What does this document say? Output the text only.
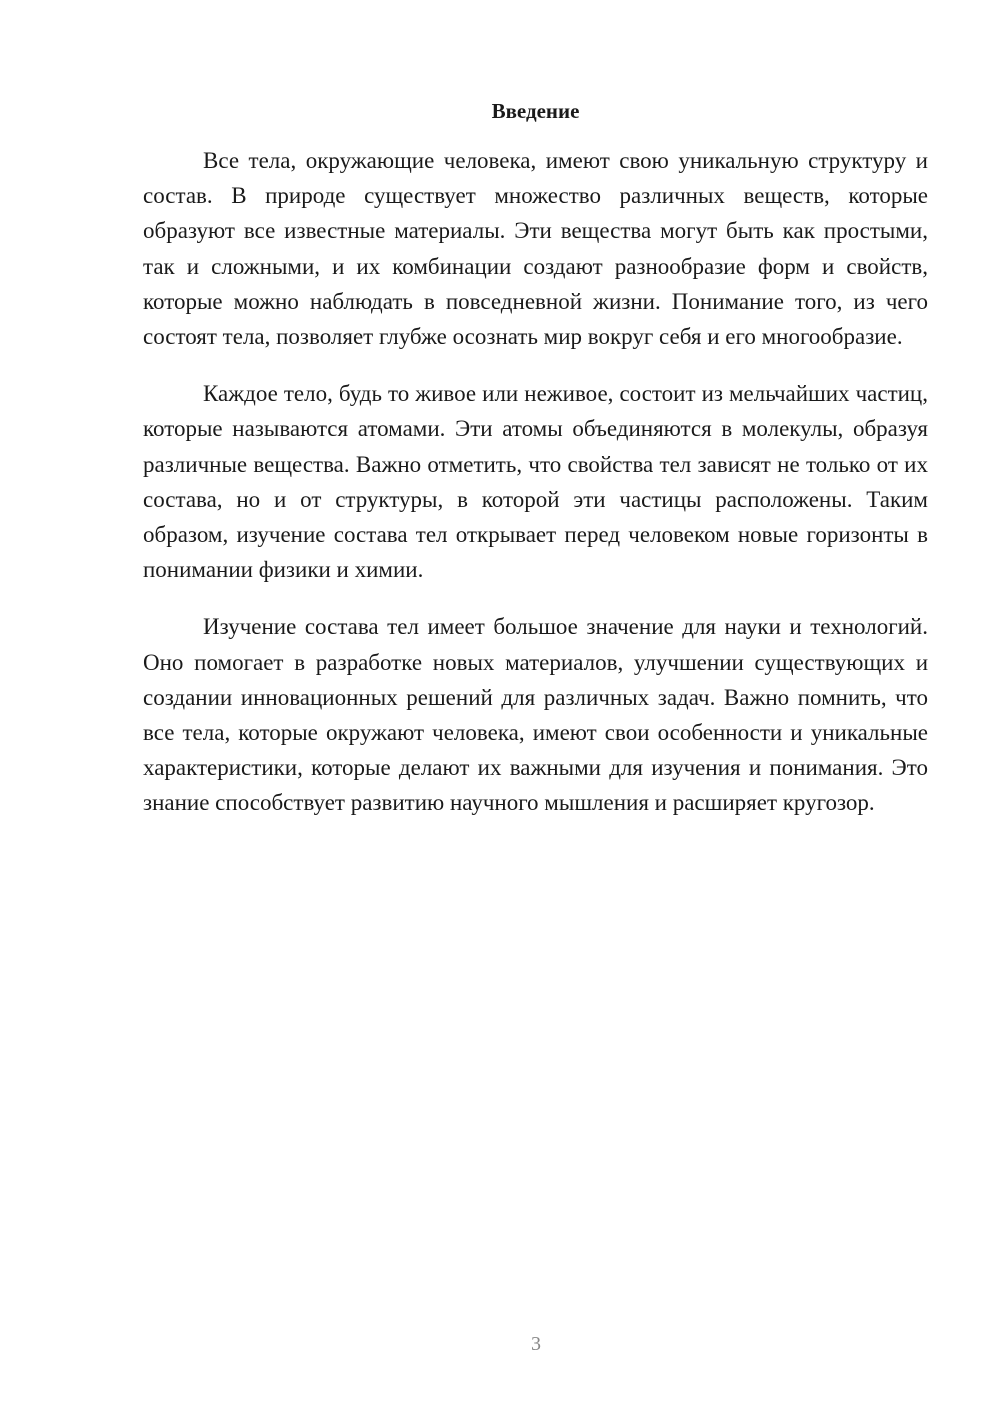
Введение

Все тела, окружающие человека, имеют свою уникальную структуру и состав. В природе существует множество различных веществ, которые образуют все известные материалы. Эти вещества могут быть как простыми, так и сложными, и их комбинации создают разнообразие форм и свойств, которые можно наблюдать в повседневной жизни. Понимание того, из чего состоят тела, позволяет глубже осознать мир вокруг себя и его многообразие.

Каждое тело, будь то живое или неживое, состоит из мельчайших частиц, которые называются атомами. Эти атомы объединяются в молекулы, образуя различные вещества. Важно отметить, что свойства тел зависят не только от их состава, но и от структуры, в которой эти частицы расположены. Таким образом, изучение состава тел открывает перед человеком новые горизонты в понимании физики и химии.

Изучение состава тел имеет большое значение для науки и технологий. Оно помогает в разработке новых материалов, улучшении существующих и создании инновационных решений для различных задач. Важно помнить, что все тела, которые окружают человека, имеют свои особенности и уникальные характеристики, которые делают их важными для изучения и понимания. Это знание способствует развитию научного мышления и расширяет кругозор.

3
